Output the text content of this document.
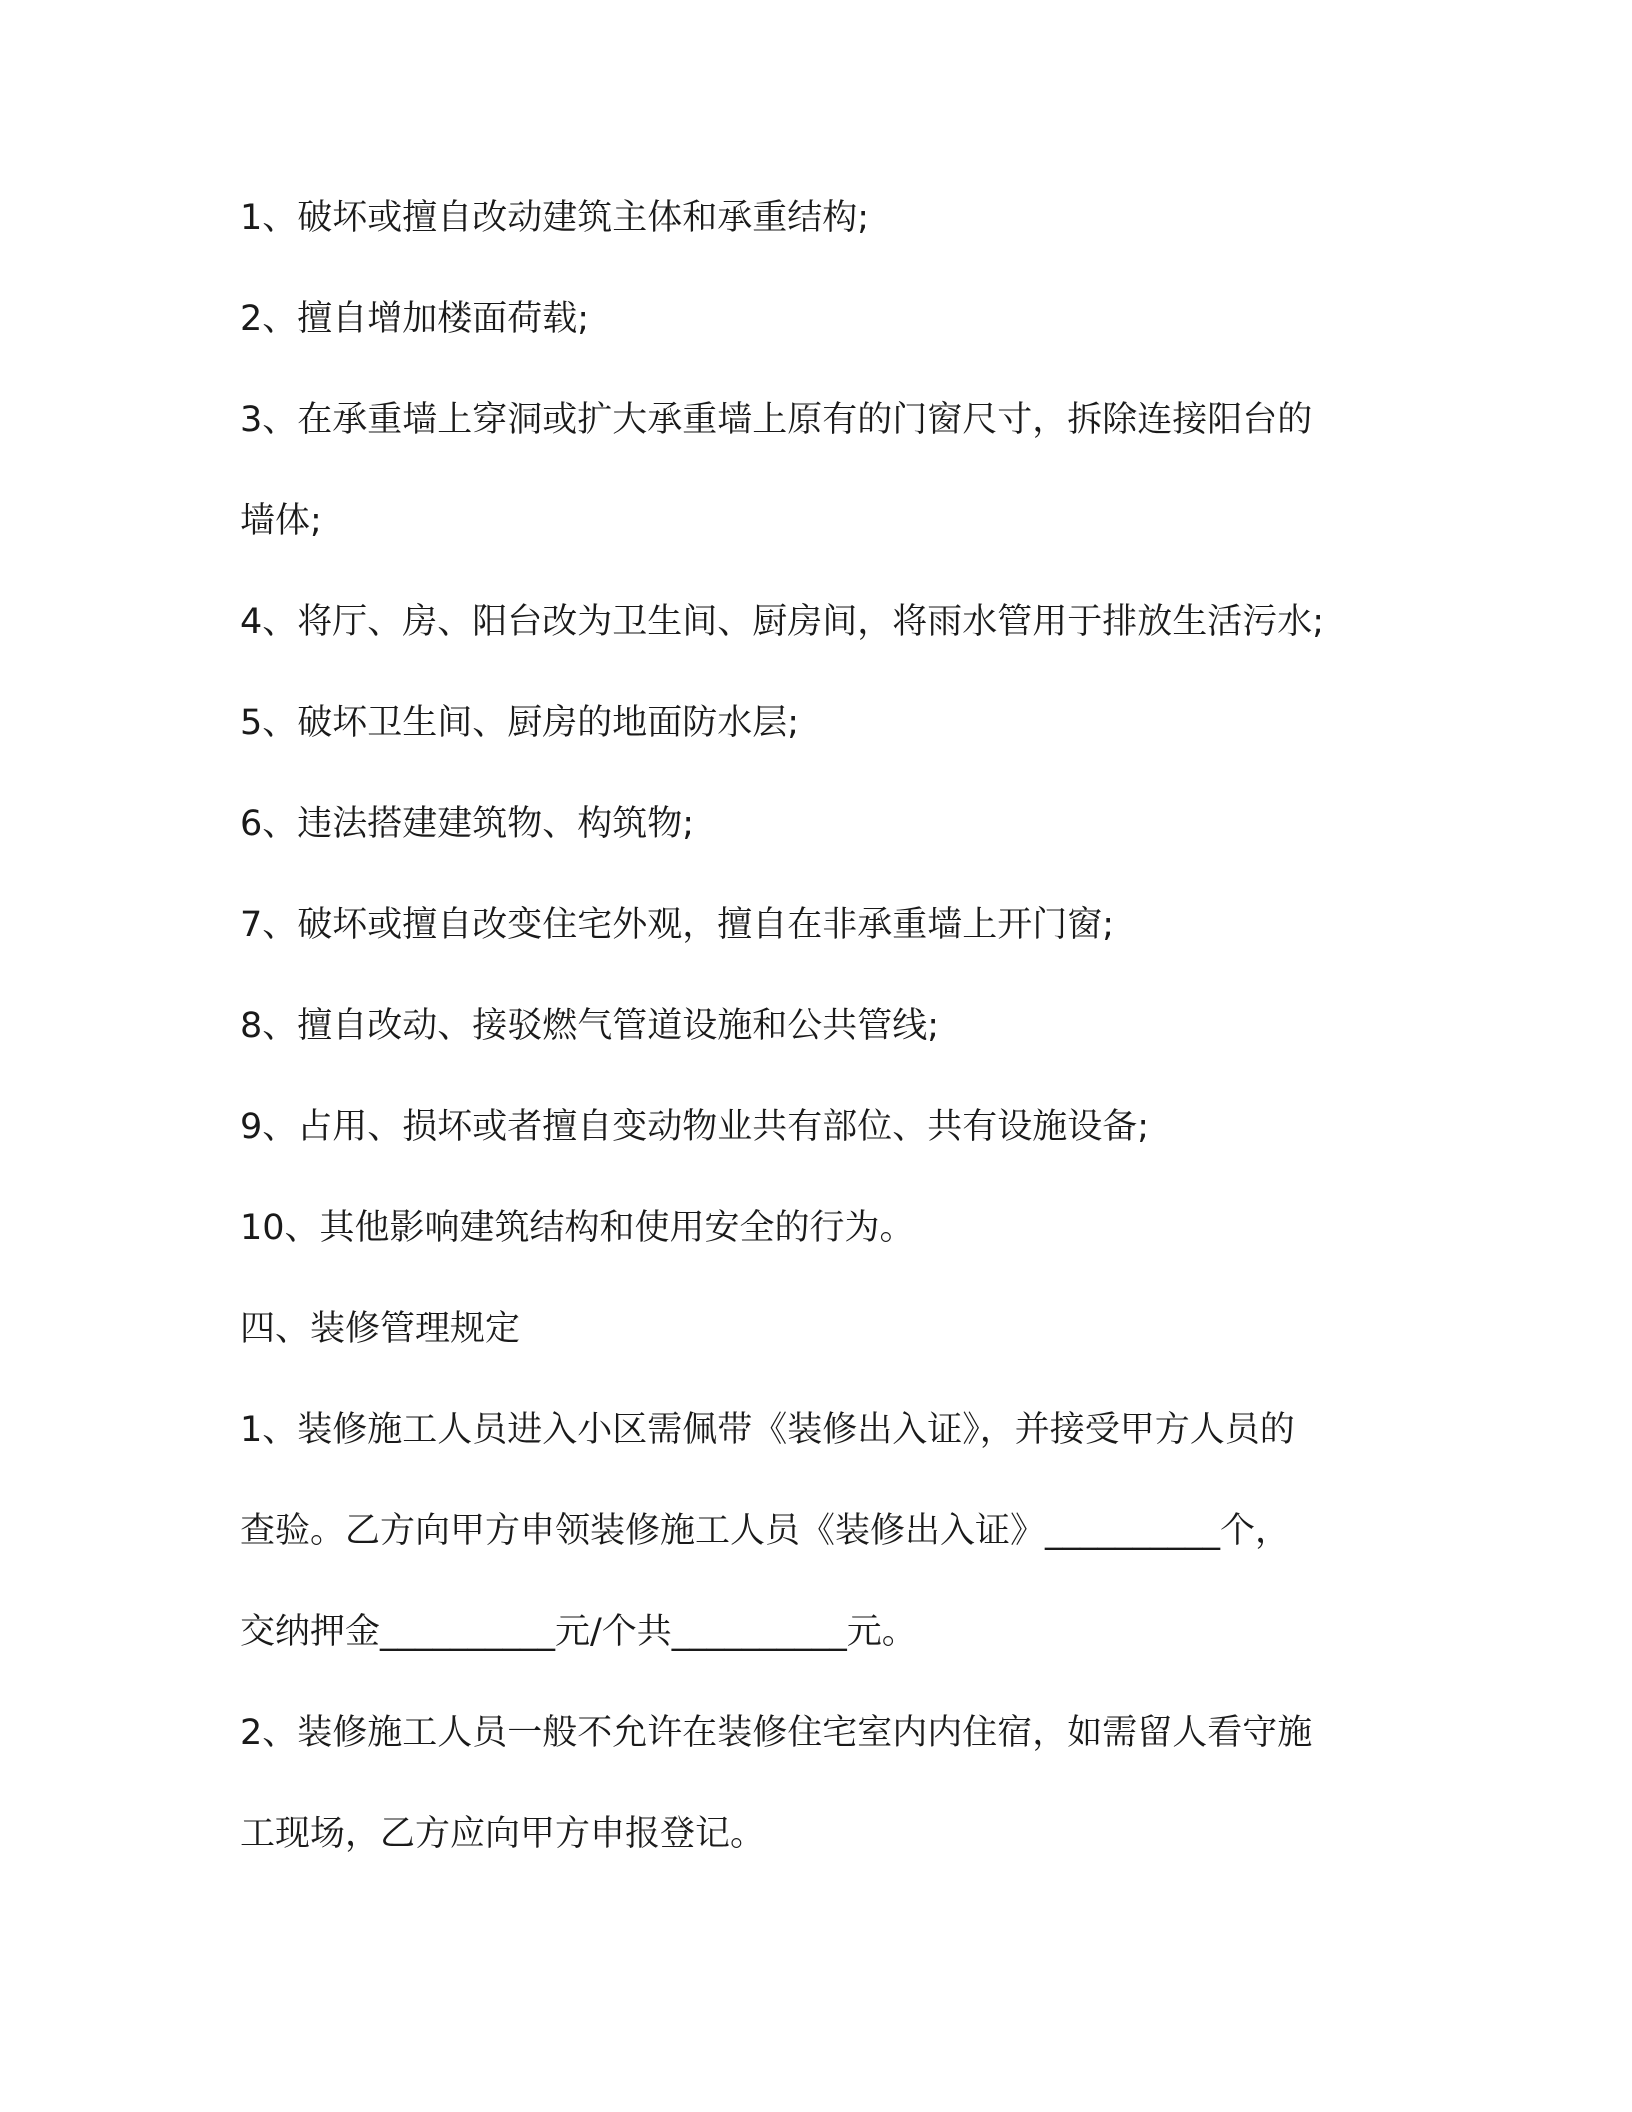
1、破坏或擅自改动建筑主体和承重结构;
2、擅自增加楼面荷载;
3、在承重墙上穿洞或扩大承重墙上原有的门窗尺寸，拆除连接阳台的
墙体;
4、将厅、房、阳台改为卫生间、厨房间，将雨水管用于排放生活污水;
5、破坏卫生间、厨房的地面防水层;
6、违法搭建建筑物、构筑物;
7、破坏或擅自改变住宅外观，擅自在非承重墙上开门窗;
8、擅自改动、接驳燃气管道设施和公共管线;
9、占用、损坏或者擅自变动物业共有部位、共有设施设备;
10、其他影响建筑结构和使用安全的行为。
四、装修管理规定
1、装修施工人员进入小区需佩带《装修出入证》，并接受甲方人员的
查验。乙方向甲方申领装修施工人员《装修出入证》__________个，
交纳押金__________元/个共__________元。
2、装修施工人员一般不允许在装修住宅室内内住宿，如需留人看守施
工现场，乙方应向甲方申报登记。
